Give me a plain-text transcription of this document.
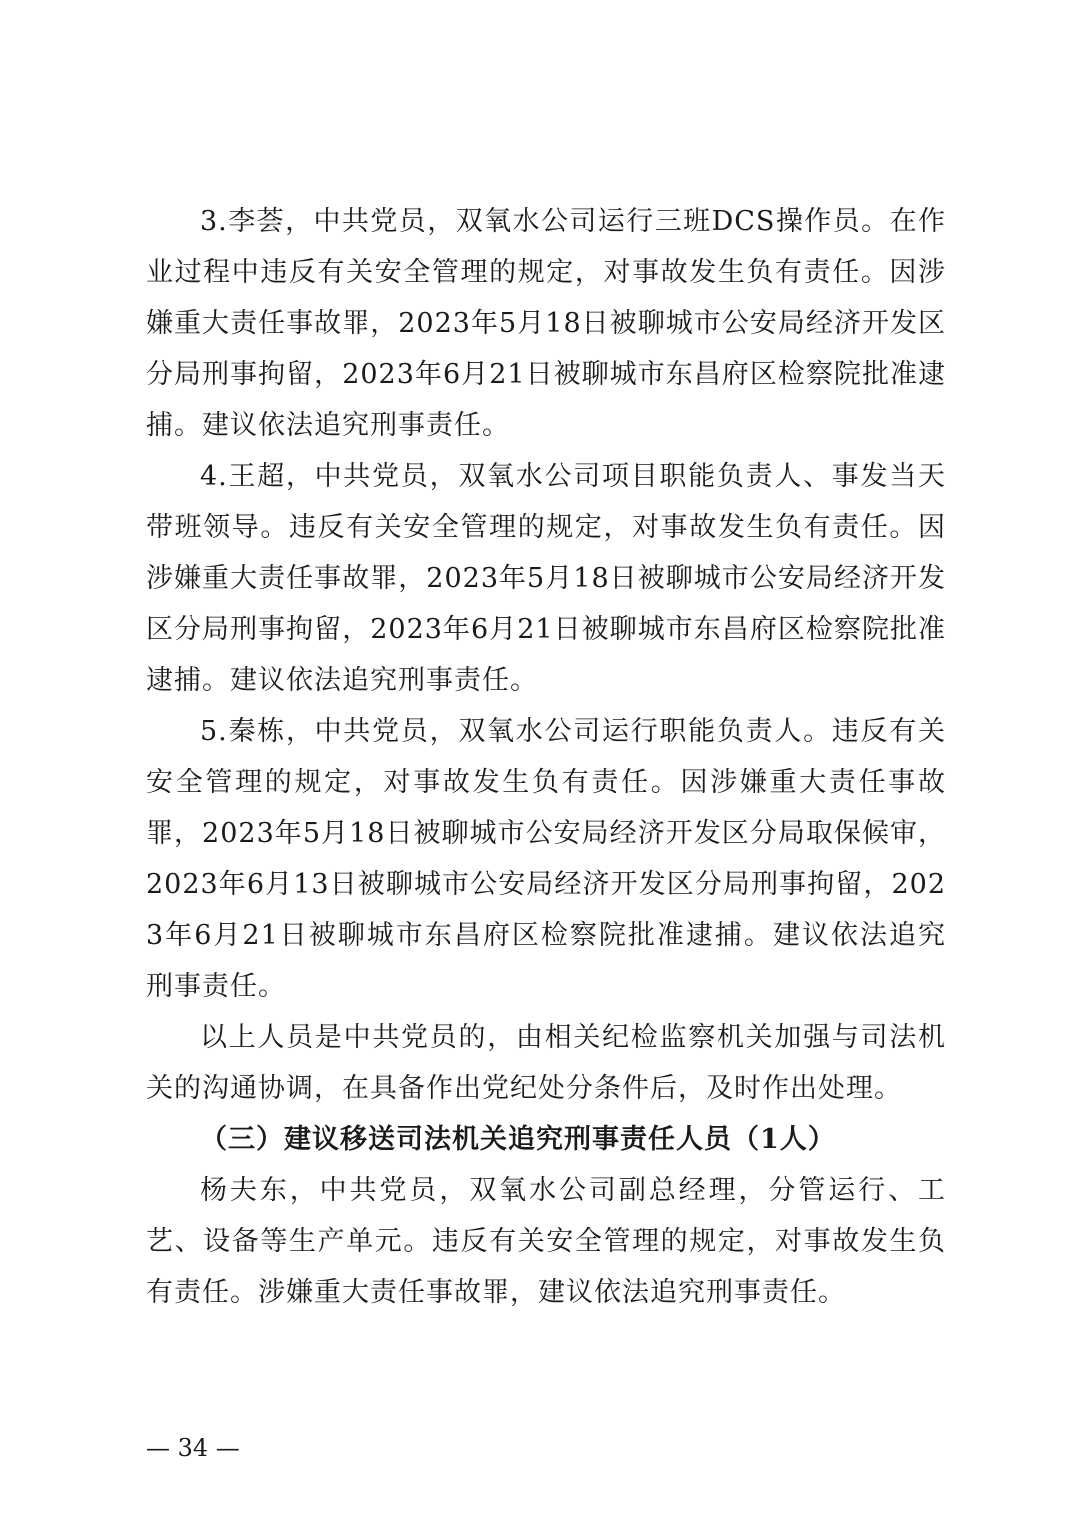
3.李荟，中共党员，双氧水公司运行三班DCS操作员。在作业过程中违反有关安全管理的规定，对事故发生负有责任。因涉嫌重大责任事故罪，2023年5月18日被聊城市公安局经济开发区分局刑事拘留，2023年6月21日被聊城市东昌府区检察院批准逮捕。建议依法追究刑事责任。

4.王超，中共党员，双氧水公司项目职能负责人、事发当天带班领导。违反有关安全管理的规定，对事故发生负有责任。因涉嫌重大责任事故罪，2023年5月18日被聊城市公安局经济开发区分局刑事拘留，2023年6月21日被聊城市东昌府区检察院批准逮捕。建议依法追究刑事责任。

5.秦栋，中共党员，双氧水公司运行职能负责人。违反有关安全管理的规定，对事故发生负有责任。因涉嫌重大责任事故罪，2023年5月18日被聊城市公安局经济开发区分局取保候审，2023年6月13日被聊城市公安局经济开发区分局刑事拘留，2023年6月21日被聊城市东昌府区检察院批准逮捕。建议依法追究刑事责任。

以上人员是中共党员的，由相关纪检监察机关加强与司法机关的沟通协调，在具备作出党纪处分条件后，及时作出处理。

（三）建议移送司法机关追究刑事责任人员（1人）

杨夫东，中共党员，双氧水公司副总经理，分管运行、工艺、设备等生产单元。违反有关安全管理的规定，对事故发生负有责任。涉嫌重大责任事故罪，建议依法追究刑事责任。

— 34 —
